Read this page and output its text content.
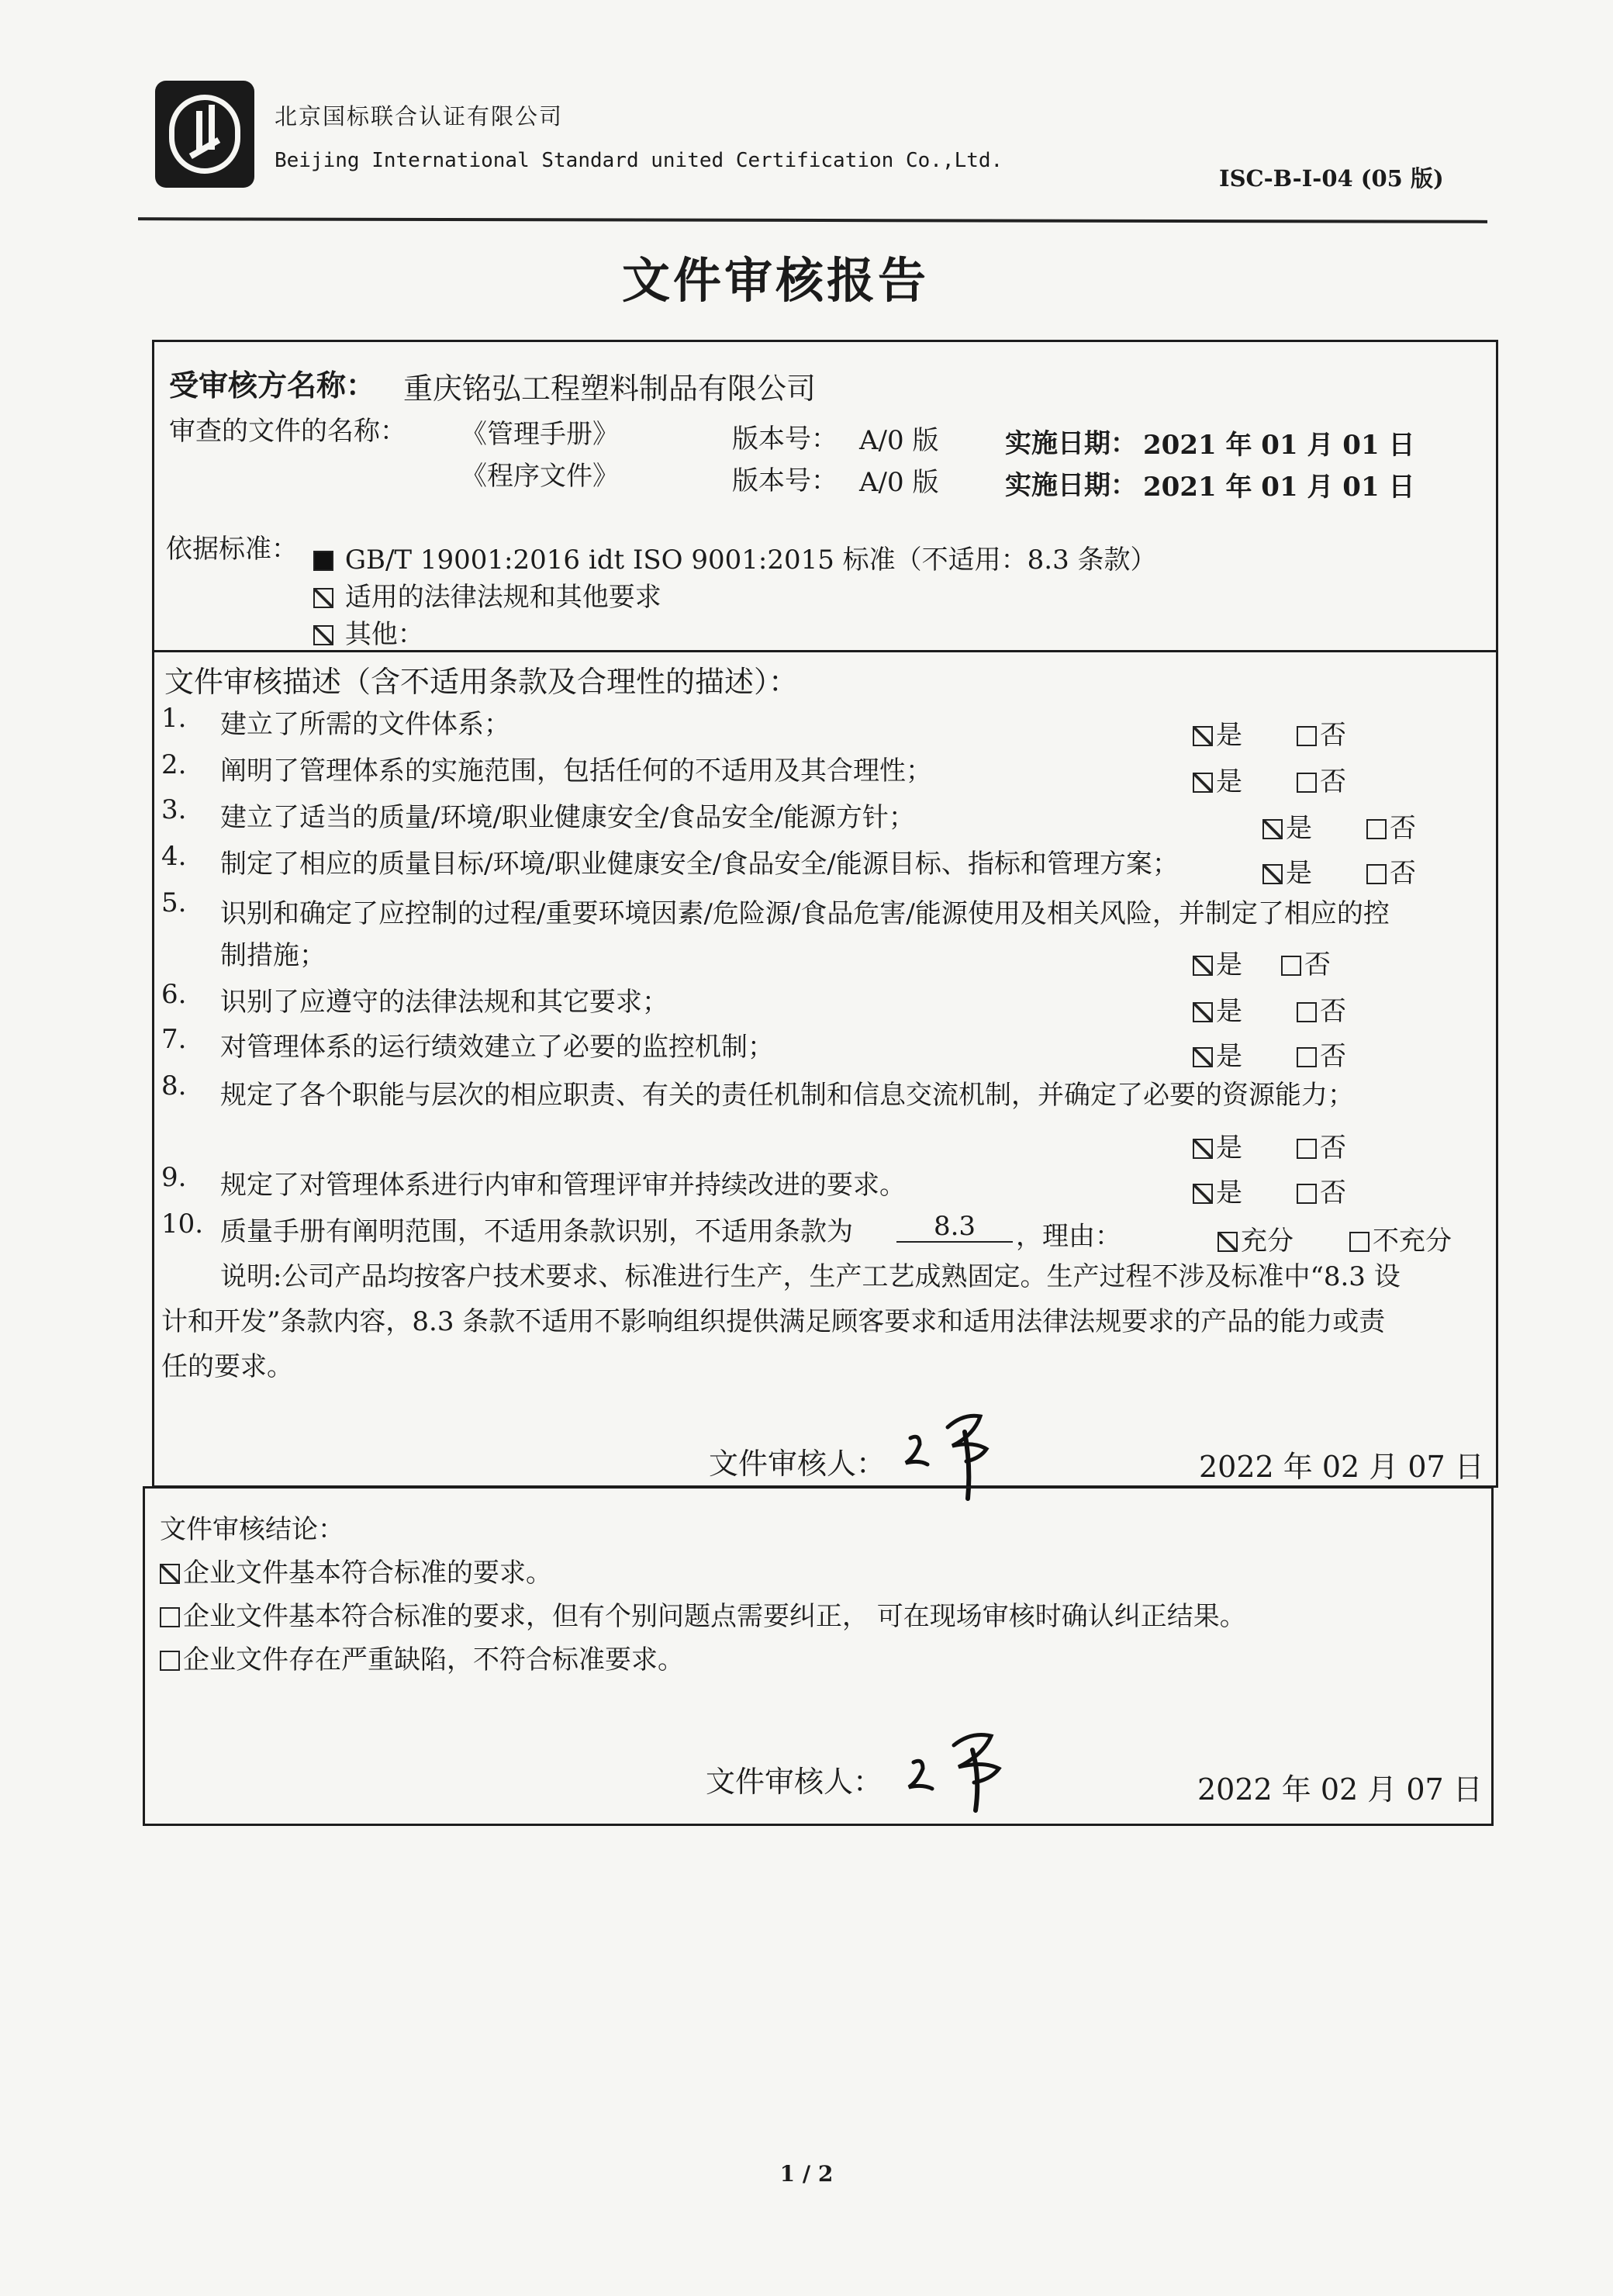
北京国标联合认证有限公司
Beijing International Standard united Certification Co.,Ltd.
ISC-B-I-04 (05 版)
文件审核报告
受审核方名称： 重庆铭弘工程塑料制品有限公司
审查的文件的名称： 《管理手册》	版本号： A/0 版	实施日期： 2021 年 01 月 01 日
《程序文件》	版本号： A/0 版	实施日期： 2021 年 01 月 01 日
依据标准：	GB/T 19001:2016 idt ISO 9001:2015 标准（不适用：8.3 条款）
适用的法律法规和其他要求
其他：
文件审核描述（含不适用条款及合理性的描述）：
1. 建立了所需的文件体系；	是	否
2. 阐明了管理体系的实施范围，包括任何的不适用及其合理性；	是	否
3. 建立了适当的质量/环境/职业健康安全/食品安全/能源方针；	是	否
4. 制定了相应的质量目标/环境/职业健康安全/食品安全/能源目标、指标和管理方案；	是	否
5. 识别和确定了应控制的过程/重要环境因素/危险源/食品危害/能源使用及相关风险，并制定了相应的控
制措施；	是 否
6. 识别了应遵守的法律法规和其它要求；	是	否
7. 对管理体系的运行绩效建立了必要的监控机制；	是	否
8. 规定了各个职能与层次的相应职责、有关的责任机制和信息交流机制，并确定了必要的资源能力；
是	否
9. 规定了对管理体系进行内审和管理评审并持续改进的要求。	是	否
10. 质量手册有阐明范围，不适用条款识别，不适用条款为	8.3	，理由：	充分	不充分
说明:公司产品均按客户技术要求、标准进行生产，生产工艺成熟固定。生产过程不涉及标准中“8.3 设
计和开发”条款内容，8.3 条款不适用不影响组织提供满足顾客要求和适用法律法规要求的产品的能力或责
任的要求。
文件审核人：	2022 年 02 月 07 日
文件审核结论：
企业文件基本符合标准的要求。
企业文件基本符合标准的要求，但有个别问题点需要纠正， 可在现场审核时确认纠正结果。
企业文件存在严重缺陷，不符合标准要求。
文件审核人：	2022 年 02 月 07 日
1 / 2
